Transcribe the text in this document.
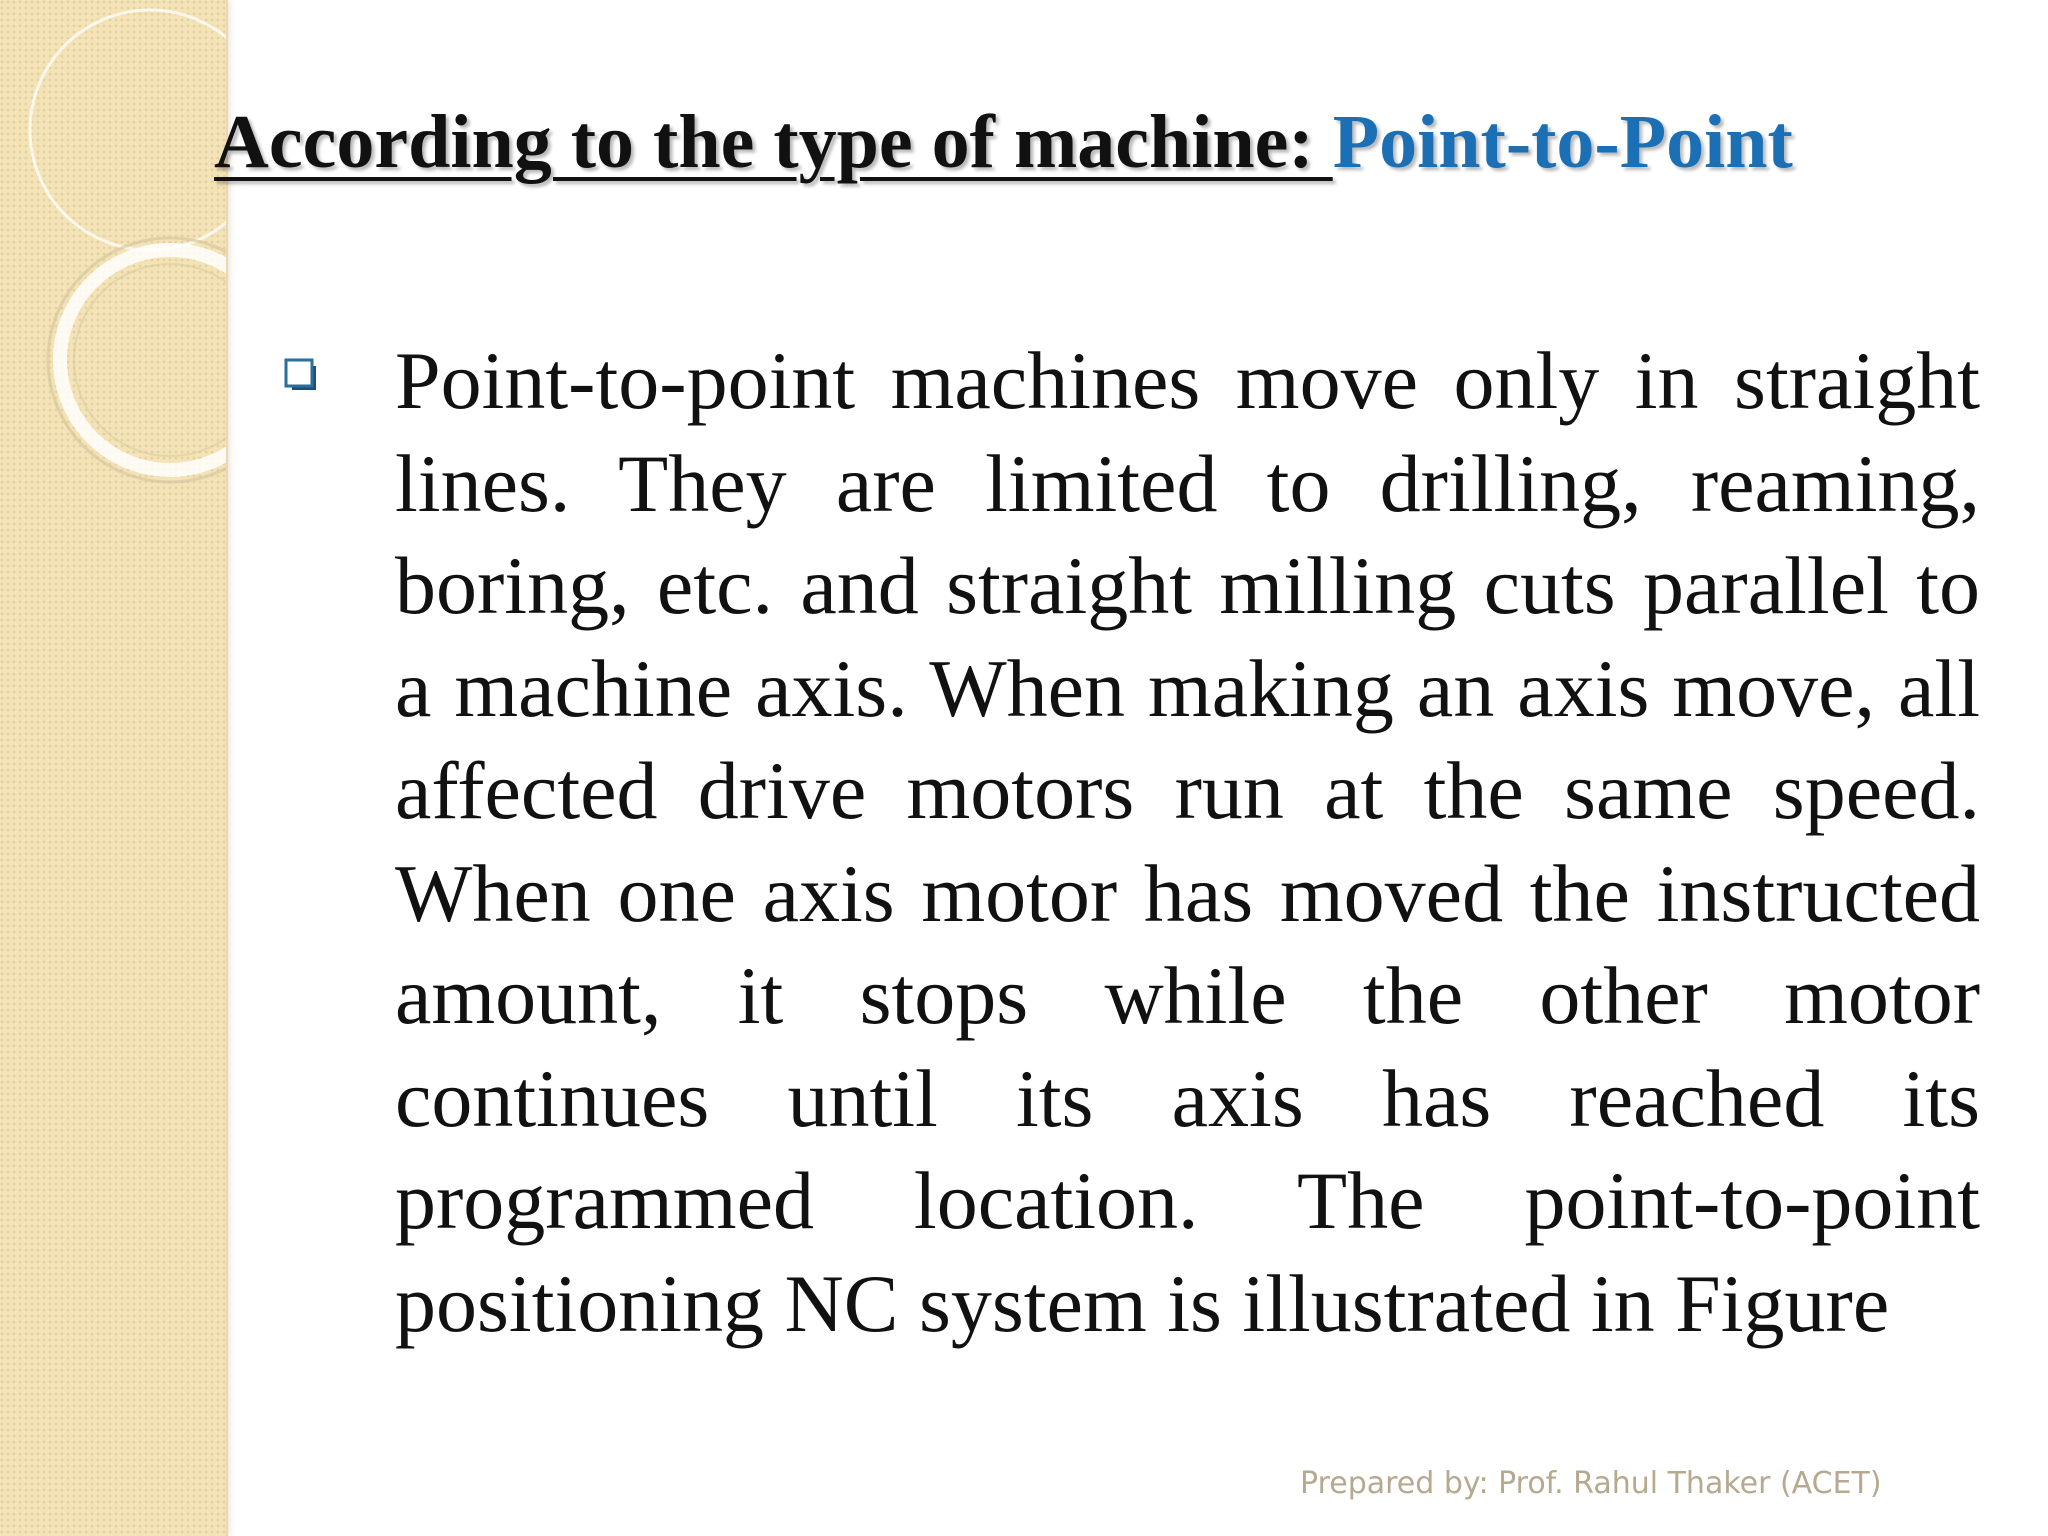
According to the type of machine: Point-to-Point

Point-to-point machines move only in straight lines. They are limited to drilling, reaming, boring, etc. and straight milling cuts parallel to a machine axis. When making an axis move, all affected drive motors run at the same speed. When one axis motor has moved the instructed amount, it stops while the other motor continues until its axis has reached its programmed location. The point-to-point positioning NC system is illustrated in Figure

Prepared by: Prof. Rahul Thaker (ACET)
